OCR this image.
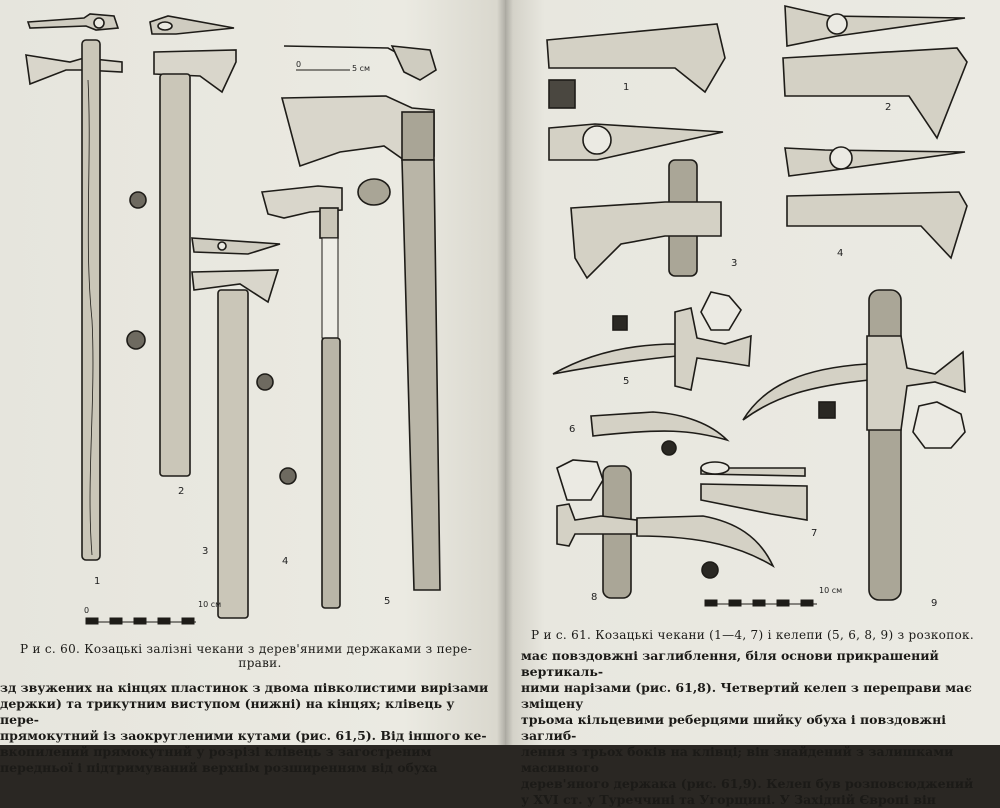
1
2
3
4
5
0
10 см
0	5 см
Р и с. 60. Козацькі залізні чекани з дерев'яними держаками з пере-
прави.
зд звужених на кінцях пластинок з двома півколистими вирізами
держки) та трикутним виступом (нижні) на кінцях; клівець у пере-
прямокутний із заокругленими кутами (рис. 61,5). Від іншого ке-
вкопилений прямокутний у розрізі клівець з загостреним
передньої і підтримуваний верхнім розширенням від обуха
1
2
3
4
5
6
7
8
9
10 см
Р и с. 61. Козацькі чекани (1—4, 7) і келепи (5, 6, 8, 9) з розкопок.
має повздовжні заглиблення, біля основи прикрашений вертикаль-
ними нарізами (рис. 61,8). Четвертий келеп з переправи має зміщену
трьома кільцевими реберцями шийку обуха і повздовжні заглиб-
лення з трьох боків на клівці; він знайдений з залишками масивного
дерев'яного держака (рис. 61,9). Келеп був розповсюджений
у XVI ст. у Туреччині та Угорщині. У Західній Європі він
